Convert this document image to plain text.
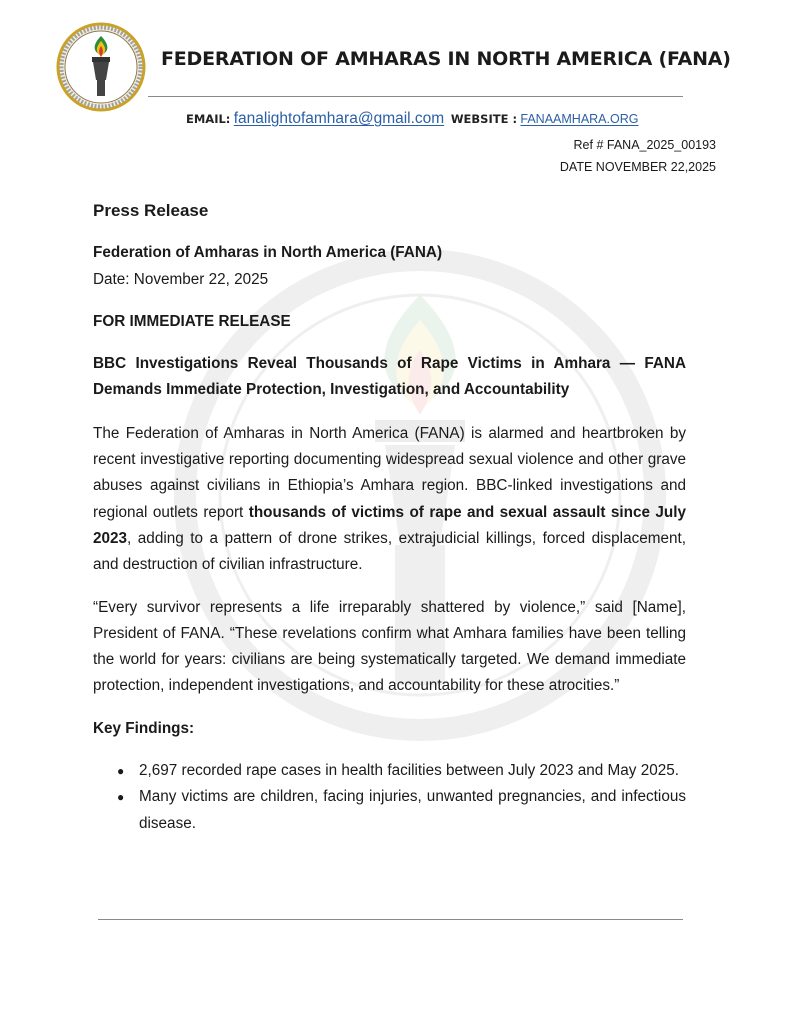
FEDERATION OF AMHARAS IN NORTH AMERICA (FANA)
EMAIL: fanalightofamhara@gmail.com WEBSITE : FANAAMHARA.ORG
Ref # FANA_2025_00193
DATE NOVEMBER 22,2025

Press Release

Federation of Amharas in North America (FANA)

Date: November 22, 2025

FOR IMMEDIATE RELEASE

BBC Investigations Reveal Thousands of Rape Victims in Amhara — FANA Demands Immediate Protection, Investigation, and Accountability

The Federation of Amharas in North America (FANA) is alarmed and heartbroken by recent investigative reporting documenting widespread sexual violence and other grave abuses against civilians in Ethiopia’s Amhara region. BBC-linked investigations and regional outlets report thousands of victims of rape and sexual assault since July 2023, adding to a pattern of drone strikes, extrajudicial killings, forced displacement, and destruction of civilian infrastructure.

“Every survivor represents a life irreparably shattered by violence,” said [Name], President of FANA. “These revelations confirm what Amhara families have been telling the world for years: civilians are being systematically targeted. We demand immediate protection, independent investigations, and accountability for these atrocities.”

Key Findings:

● 2,697 recorded rape cases in health facilities between July 2023 and May 2025.
● Many victims are children, facing injuries, unwanted pregnancies, and infectious disease.
